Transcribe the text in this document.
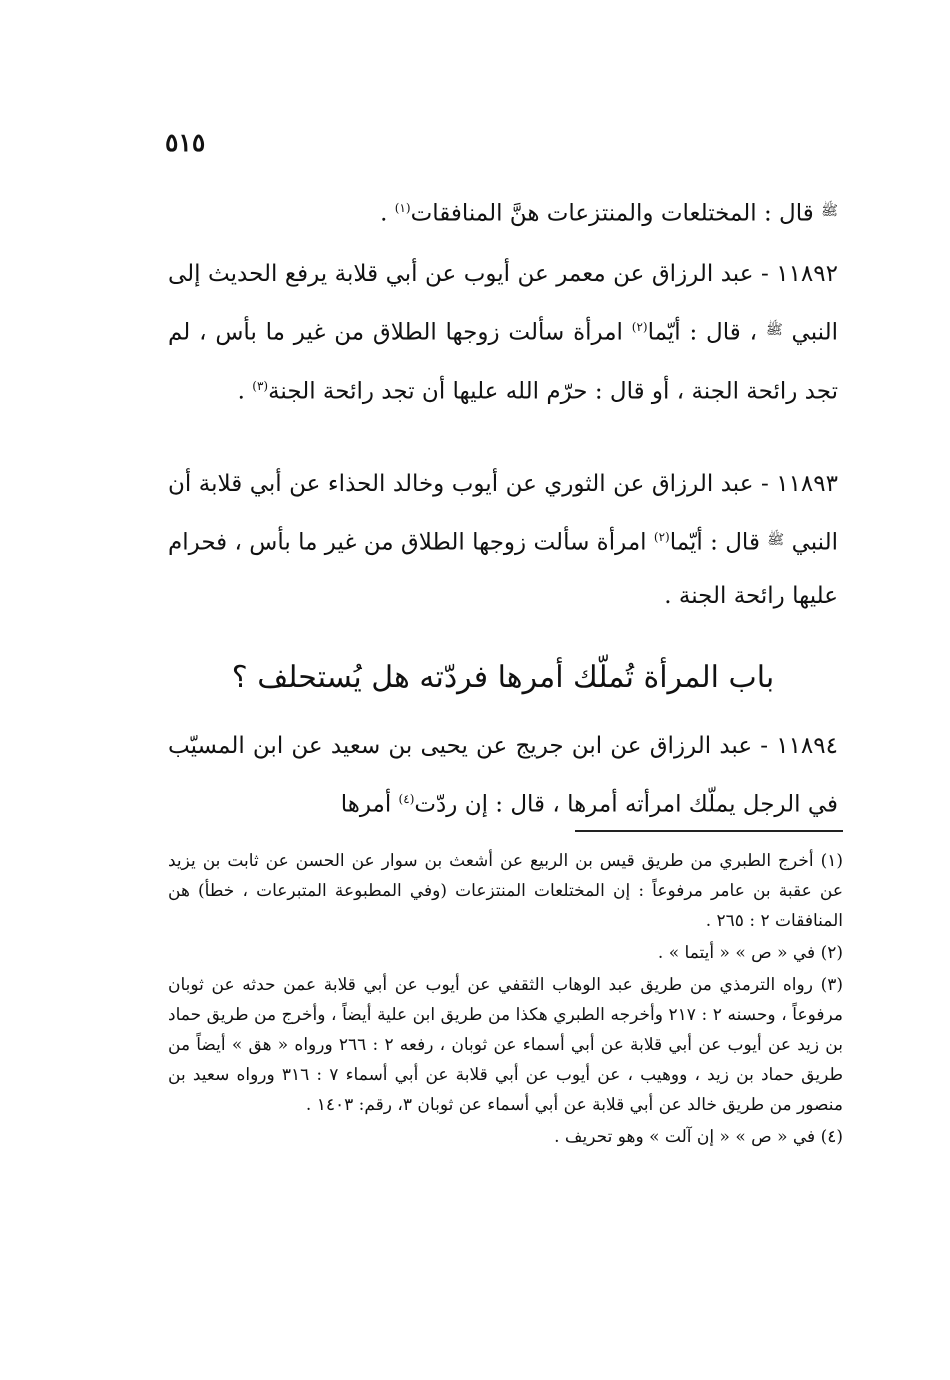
٥١٥
ﷺ قال : المختلعات والمنتزعات هنَّ المنافقات$^{(١)}$ .
١١٨٩٢ - عبد الرزاق عن معمر عن أيوب عن أبي قلابة يرفع الحديث إلى النبي ﷺ ، قال : أيّما$^{(٢)}$ امرأة سألت زوجها الطلاق من غير ما بأس ، لم تجد رائحة الجنة ، أو قال : حرّم الله عليها أن تجد رائحة الجنة$^{(٣)}$ .
١١٨٩٣ - عبد الرزاق عن الثوري عن أيوب وخالد الحذاء عن أبي قلابة أن النبي ﷺ قال : أيّما$^{(٢)}$ امرأة سألت زوجها الطلاق من غير ما بأس ، فحرام عليها رائحة الجنة .
باب المرأة تُملّك أمرها فردّته هل يُستحلف ؟
١١٨٩٤ - عبد الرزاق عن ابن جريج عن يحيى بن سعيد عن ابن المسيّب في الرجل يملّك امرأته أمرها ، قال : إن ردّت$^{(٤)}$ أمرها

(١) أخرج الطبري من طريق قيس بن الربيع عن أشعث بن سوار عن الحسن عن ثابت بن يزيد عن عقبة بن عامر مرفوعاً : إن المختلعات المنتزعات (وفي المطبوعة المتبرعات ، خطأ) هن المنافقات ٢ : ٢٦٥ .

(٢) في « ص » « أيتما » .

(٣) رواه الترمذي من طريق عبد الوهاب الثقفي عن أيوب عن أبي قلابة عمن حدثه عن ثوبان مرفوعاً ، وحسنه ٢ : ٢١٧ وأخرجه الطبري هكذا من طريق ابن علية أيضاً ، وأخرج من طريق حماد بن زيد عن أيوب عن أبي قلابة عن أبي أسماء عن ثوبان ، رفعه ٢ : ٢٦٦ ورواه « هق » أيضاً من طريق حماد بن زيد ، ووهيب ، عن أيوب عن أبي قلابة عن أبي أسماء ٧ : ٣١٦ ورواه سعيد بن منصور من طريق خالد عن أبي قلابة عن أبي أسماء عن ثوبان ٣، رقم: ١٤٠٣ .

(٤) في « ص » « إن آلت » وهو تحريف .
